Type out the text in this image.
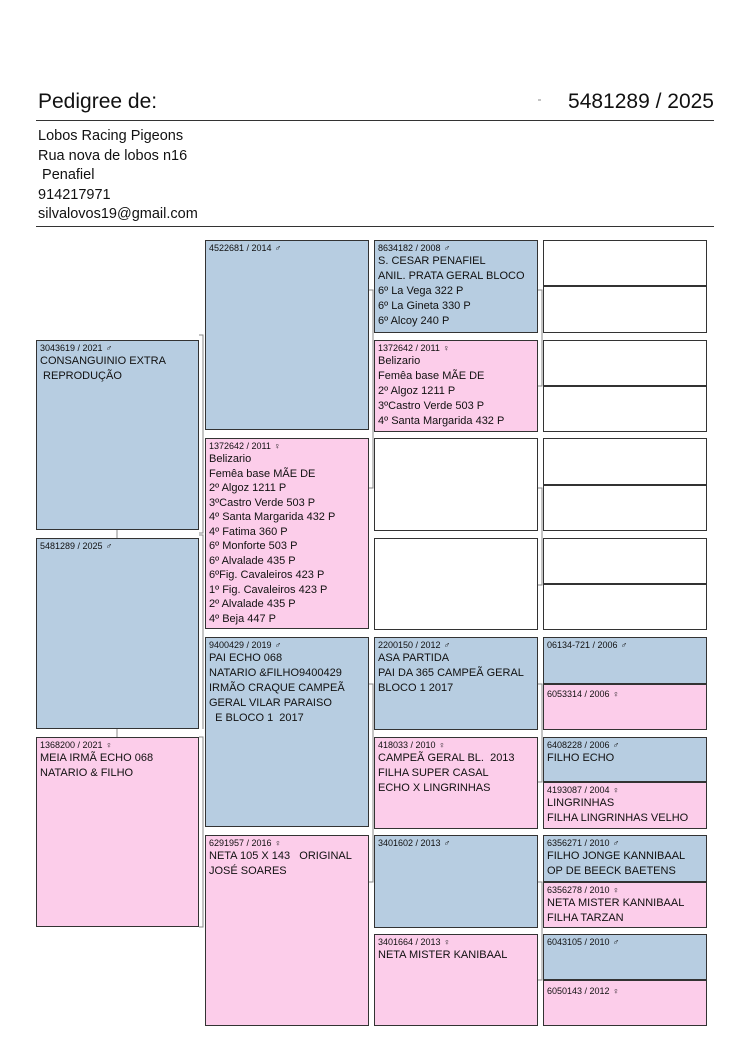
Pedigree de:	5481289 / 2025
Lobos Racing Pigeons
Rua nova de lobos n16
Penafiel
914217971
silvalovos19@gmail.com
3043619 / 2021 ♂
CONSANGUINIO EXTRA
REPRODUÇÃO
5481289 / 2025 ♂
1368200 / 2021 ♀
MEIA IRMÃ ECHO 068
NATARIO & FILHO
4522681 / 2014 ♂
1372642 / 2011 ♀
Belizario
Femêa base MÃE DE
2º Algoz 1211 P
3ºCastro Verde 503 P
4º Santa Margarida 432 P
4º Fatima 360 P
6º Monforte 503 P
6º Alvalade 435 P
6ºFig. Cavaleiros 423 P
1º Fig. Cavaleiros 423 P
2º Alvalade 435 P
4º Beja 447 P
9400429 / 2019 ♂
PAI ECHO 068
NATARIO &FILHO9400429
IRMÃO CRAQUE CAMPEÃ
GERAL VILAR PARAISO
E BLOCO 1  2017
6291957 / 2016 ♀
NETA 105 X 143   ORIGINAL
JOSÉ SOARES
8634182 / 2008 ♂
S. CESAR PENAFIEL
ANIL. PRATA GERAL BLOCO
6º La Vega 322 P
6º La Gineta 330 P
6º Alcoy 240 P
1372642 / 2011 ♀
Belizario
Femêa base MÃE DE
2º Algoz 1211 P
3ºCastro Verde 503 P
4º Santa Margarida 432 P
2200150 / 2012 ♂
ASA PARTIDA
PAI DA 365 CAMPEÃ GERAL
BLOCO 1 2017
418033 / 2010 ♀
CAMPEÃ GERAL BL.  2013
FILHA SUPER CASAL
ECHO X LINGRINHAS
3401602 / 2013 ♂
3401664 / 2013 ♀
NETA MISTER KANIBAAL
06134-721 / 2006 ♂
6053314 / 2006 ♀
6408228 / 2006 ♂
FILHO ECHO
4193087 / 2004 ♀
LINGRINHAS
FILHA LINGRINHAS VELHO
6356271 / 2010 ♂
FILHO JONGE KANNIBAAL
OP DE BEECK BAETENS
6356278 / 2010 ♀
NETA MISTER KANNIBAAL
FILHA TARZAN
6043105 / 2010 ♂
6050143 / 2012 ♀
